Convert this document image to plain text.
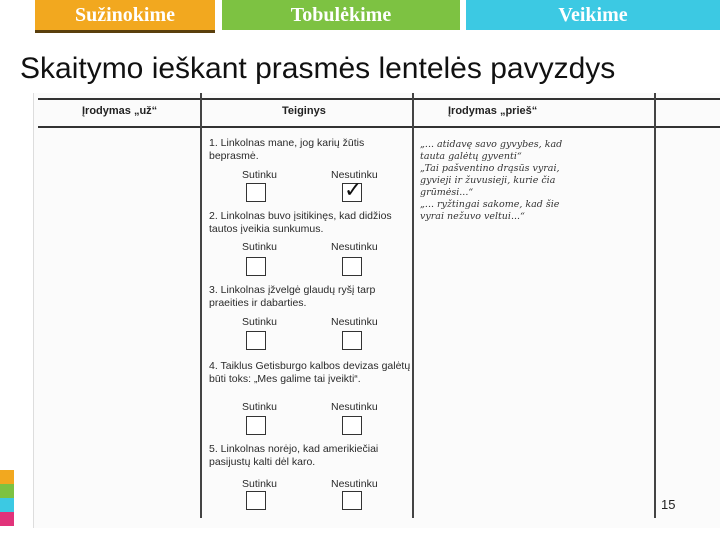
Sužinokime	Tobulėkime	Veikime
Skaitymo ieškant prasmės lentelės pavyzdys
Įrodymas „už“	Teiginys	Įrodymas „prieš“
1. Linkolnas mane, jog karių žūtis beprasmė.
Sutinku	Nesutinku
✓
2. Linkolnas buvo įsitikinęs, kad didžios tautos įveikia sunkumus.
Sutinku	Nesutinku
3. Linkolnas įžvelgė glaudų ryšį tarp praeities ir dabarties.
Sutinku	Nesutinku
4. Taiklus Getisburgo kalbos devizas galėtų būti toks: „Mes galime tai įveikti“.
Sutinku	Nesutinku
5. Linkolnas norėjo, kad amerikiečiai pasijustų kalti dėl karo.
Sutinku	Nesutinku
„... atidavę savo gyvybes, kad tauta galėtų gyventi“
„Tai pašventino drąsūs vyrai, gyvieji ir žuvusieji, kurie čia grūmėsi...“
„... ryžtingai sakome, kad šie vyrai nežuvo veltui...“
15
